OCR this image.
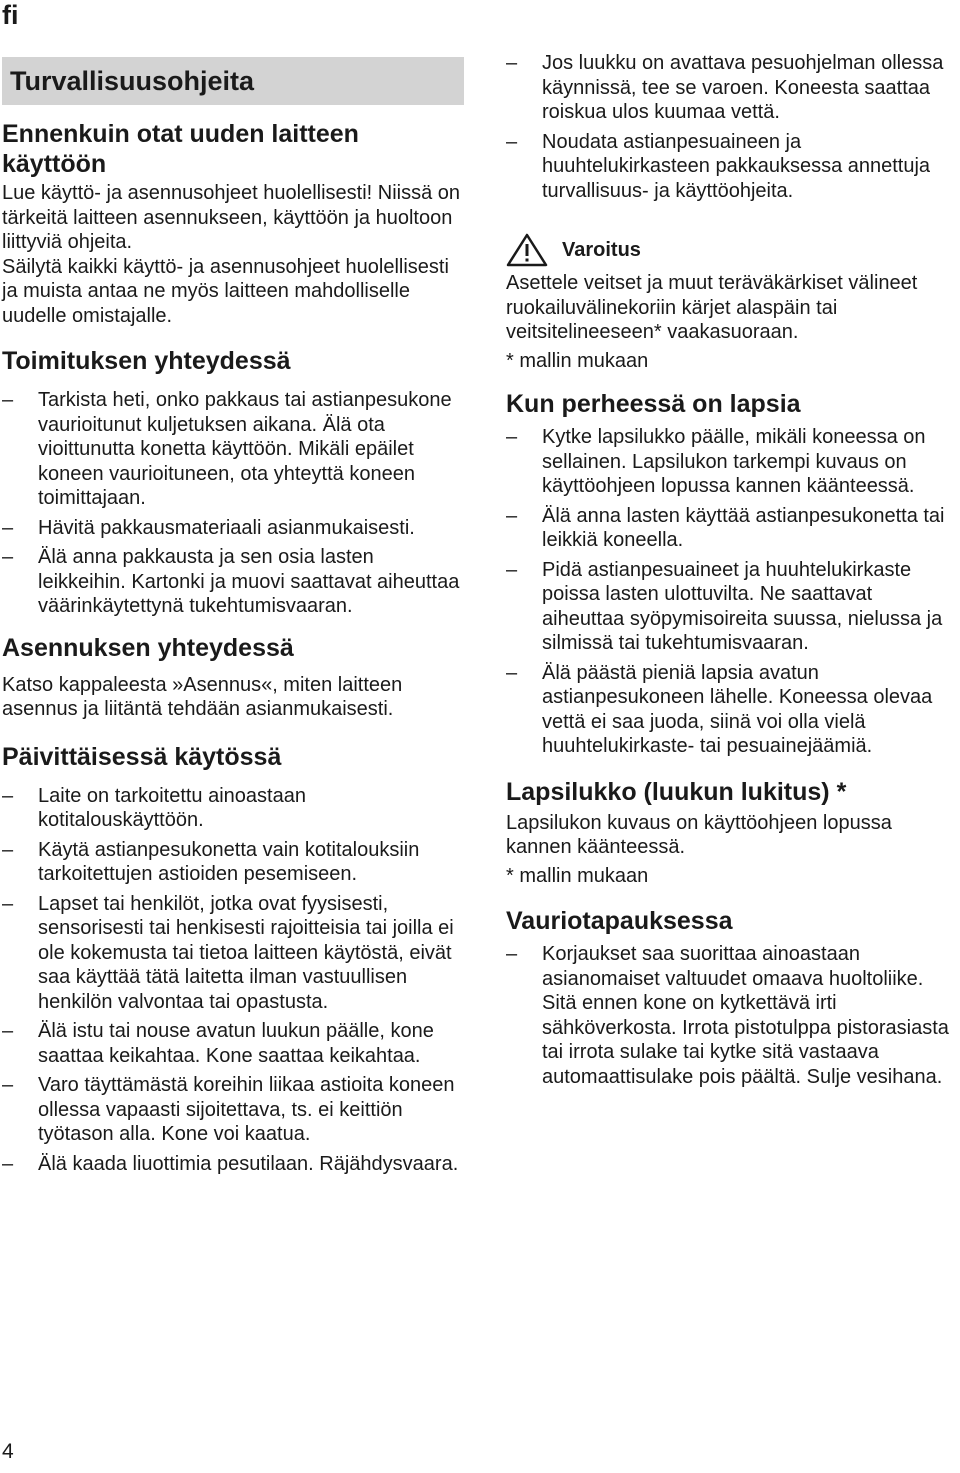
fi
Turvallisuusohjeita
Ennenkuin otat uuden laitteen käyttöön

Lue käyttö- ja asennusohjeet huolellisesti! Niissä on tärkeitä laitteen asennukseen, käyttöön ja huoltoon liittyviä ohjeita.

Säilytä kaikki käyttö- ja asennusohjeet huolellisesti ja muista antaa ne myös laitteen mahdolliselle uudelle omistajalle.

Toimituksen yhteydessä
– Tarkista heti, onko pakkaus tai astianpesukone vaurioitunut kuljetuksen aikana. Älä ota vioittunutta konetta käyttöön. Mikäli epäilet koneen vaurioituneen, ota yhteyttä koneen toimittajaan.
– Hävitä pakkausmateriaali asianmukaisesti.
– Älä anna pakkausta ja sen osia lasten leikkeihin. Kartonki ja muovi saattavat aiheuttaa väärinkäytettynä tukehtumisvaaran.
Asennuksen yhteydessä

Katso kappaleesta »Asennus«, miten laitteen asennus ja liitäntä tehdään asianmukaisesti.

Päivittäisessä käytössä
– Laite on tarkoitettu ainoastaan kotitalouskäyttöön.
– Käytä astianpesukonetta vain kotitalouksiin tarkoitettujen astioiden pesemiseen.
– Lapset tai henkilöt, jotka ovat fyysisesti, sensorisesti tai henkisesti rajoitteisia tai joilla ei ole kokemusta tai tietoa laitteen käytöstä, eivät saa käyttää tätä laitetta ilman vastuullisen henkilön valvontaa tai opastusta.
– Älä istu tai nouse avatun luukun päälle, kone saattaa keikahtaa. Kone saattaa keikahtaa.
– Varo täyttämästä koreihin liikaa astioita koneen ollessa vapaasti sijoitettava, ts. ei keittiön työtason alla. Kone voi kaatua.
– Älä kaada liuottimia pesutilaan. Räjähdysvaara.
– Jos luukku on avattava pesuohjelman ollessa käynnissä, tee se varoen. Koneesta saattaa roiskua ulos kuumaa vettä.
– Noudata astianpesuaineen ja huuhtelukirkasteen pakkauksessa annettuja turvallisuus- ja käyttöohjeita.
Varoitus

Asettele veitset ja muut teräväkärkiset välineet ruokailuvälinekoriin kärjet alaspäin tai veitsitelineeseen* vaakasuoraan.

* mallin mukaan

Kun perheessä on lapsia
– Kytke lapsilukko päälle, mikäli koneessa on sellainen. Lapsilukon tarkempi kuvaus on käyttöohjeen lopussa kannen käänteessä.
– Älä anna lasten käyttää astianpesukonetta tai leikkiä koneella.
– Pidä astianpesuaineet ja huuhtelukirkaste poissa lasten ulottuvilta. Ne saattavat aiheuttaa syöpymisoireita suussa, nielussa ja silmissä tai tukehtumisvaaran.
– Älä päästä pieniä lapsia avatun astianpesukoneen lähelle. Koneessa olevaa vettä ei saa juoda, siinä voi olla vielä huuhtelukirkaste- tai pesuainejäämiä.
Lapsilukko (luukun lukitus) *

Lapsilukon kuvaus on käyttöohjeen lopussa kannen käänteessä.

* mallin mukaan

Vauriotapauksessa
– Korjaukset saa suorittaa ainoastaan asianomaiset valtuudet omaava huoltoliike. Sitä ennen kone on kytkettävä irti sähköverkosta. Irrota pistotulppa pistorasiasta tai irrota sulake tai kytke sitä vastaava automaattisulake pois päältä. Sulje vesihana.
4
